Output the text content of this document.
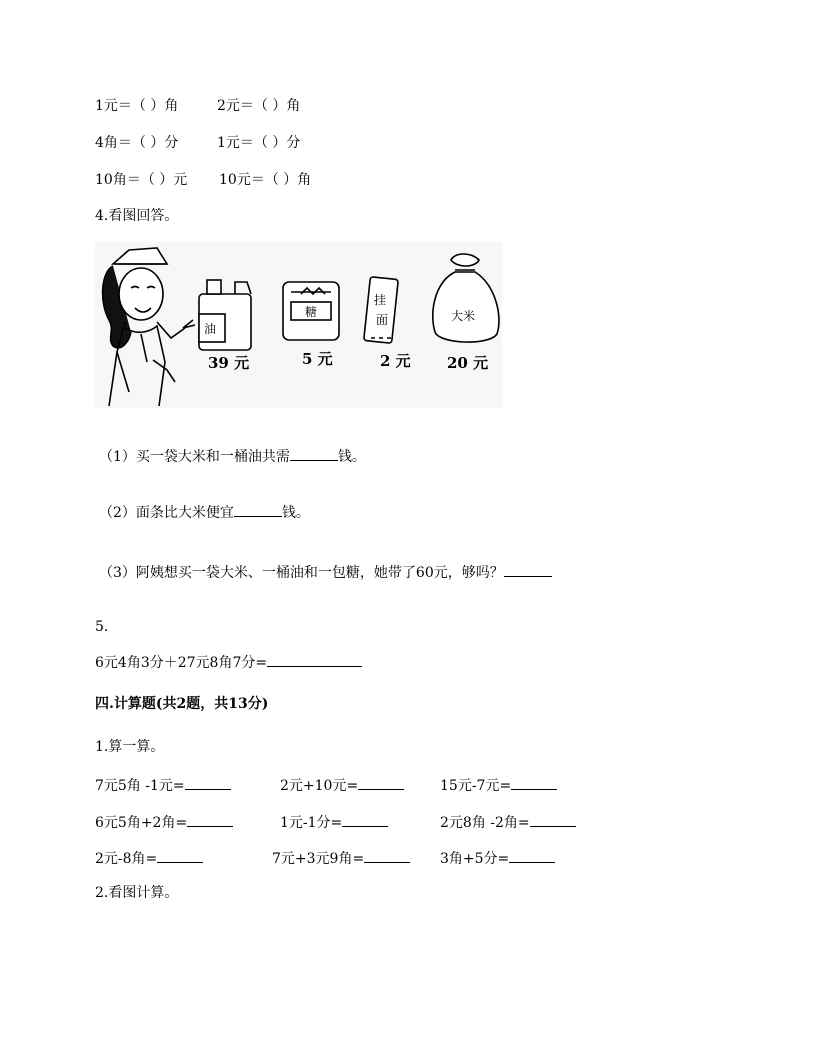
1元＝（ ）角	2元＝（ ）角
4角＝（ ）分	1元＝（ ）分
10角＝（ ）元 10元＝（ ）角
4.看图回答。
油
39 元
糖
5 元
挂
面
2 元
大米
20 元
（1）买一袋大米和一桶油共需	钱。
（2）面条比大米便宜	钱。
（3）阿姨想买一袋大米、一桶油和一包糖，她带了60元，够吗？
5.
6元4角3分＋27元8角7分=
四.计算题(共2题，共13分)
1.算一算。
7元5角 -1元=	2元+10元=	15元-7元=
6元5角+2角=	1元-1分=	2元8角 -2角=
2元-8角=	7元+3元9角=	3角+5分=
2.看图计算。
